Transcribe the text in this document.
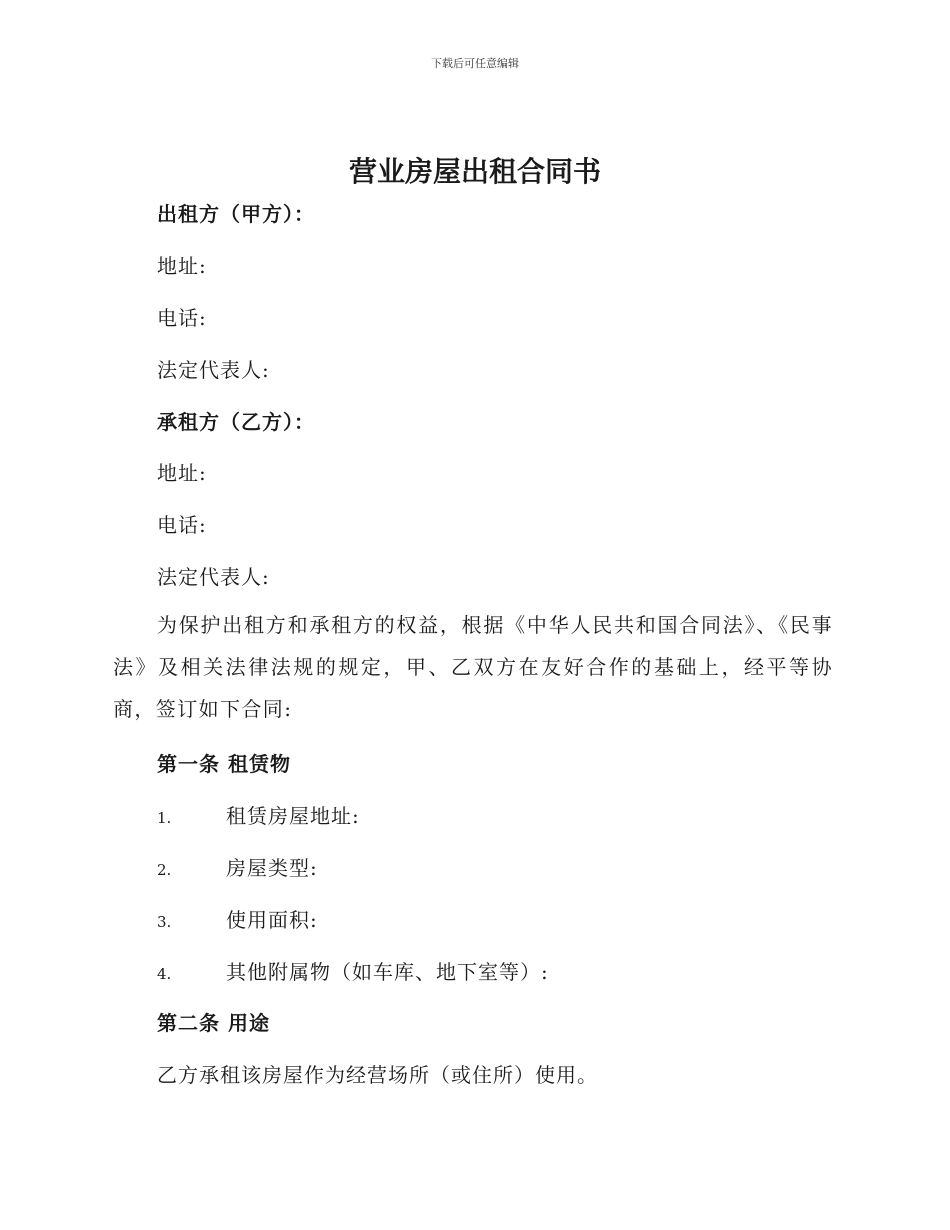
下载后可任意编辑
营业房屋出租合同书
出租方（甲方）：
地址:
电话:
法定代表人:
承租方（乙方）：
地址:
电话:
法定代表人:
为保护出租方和承租方的权益，根据《中华人民共和国合同法》、《民事法》及相关法律法规的规定，甲、乙双方在友好合作的基础上，经平等协商，签订如下合同:
第一条 租赁物
1.	租赁房屋地址:
2.	房屋类型:
3.	使用面积:
4.	其他附属物（如车库、地下室等）:
第二条 用途
乙方承租该房屋作为经营场所（或住所）使用。
